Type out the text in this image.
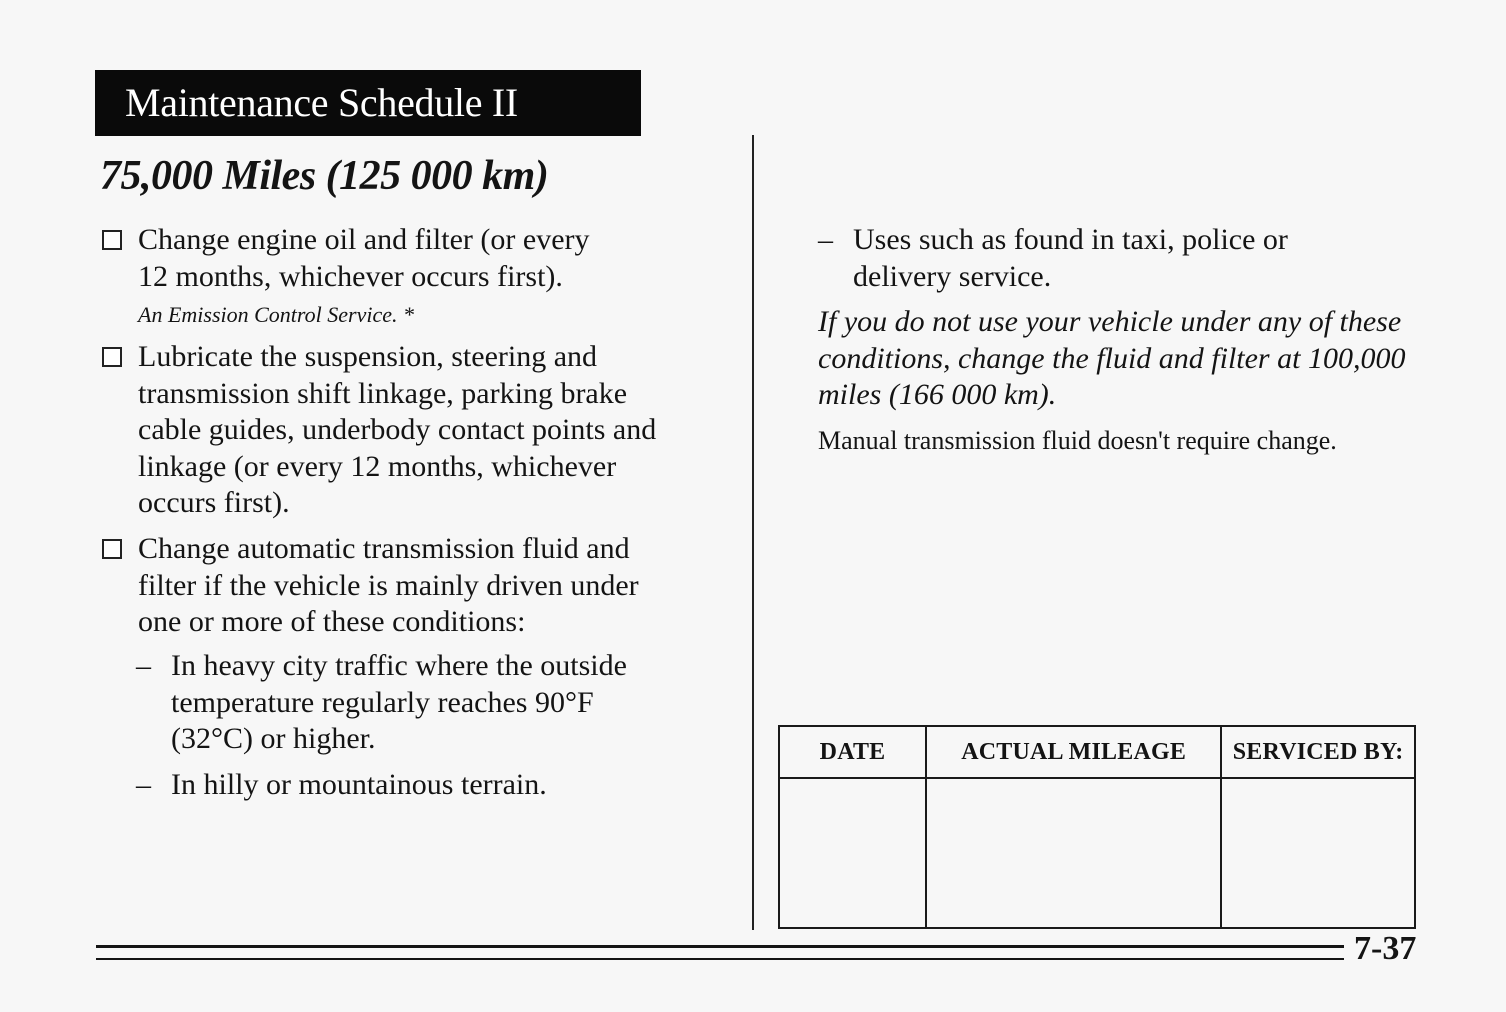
Maintenance Schedule II
75,000 Miles (125 000 km)
Change engine oil and filter (or every
12 months, whichever occurs first).
An Emission Control Service. *
Lubricate the suspension, steering and
transmission shift linkage, parking brake
cable guides, underbody contact points and
linkage (or every 12 months, whichever
occurs first).
Change automatic transmission fluid and
filter if the vehicle is mainly driven under
one or more of these conditions:
– In heavy city traffic where the outside
temperature regularly reaches 90°F
(32°C) or higher.
– In hilly or mountainous terrain.
– Uses such as found in taxi, police or
delivery service.
If you do not use your vehicle under any of these conditions, change the fluid and filter at 100,000 miles (166 000 km).
Manual transmission fluid doesn't require change.
DATE	ACTUAL MILEAGE	SERVICED BY:

7-37
